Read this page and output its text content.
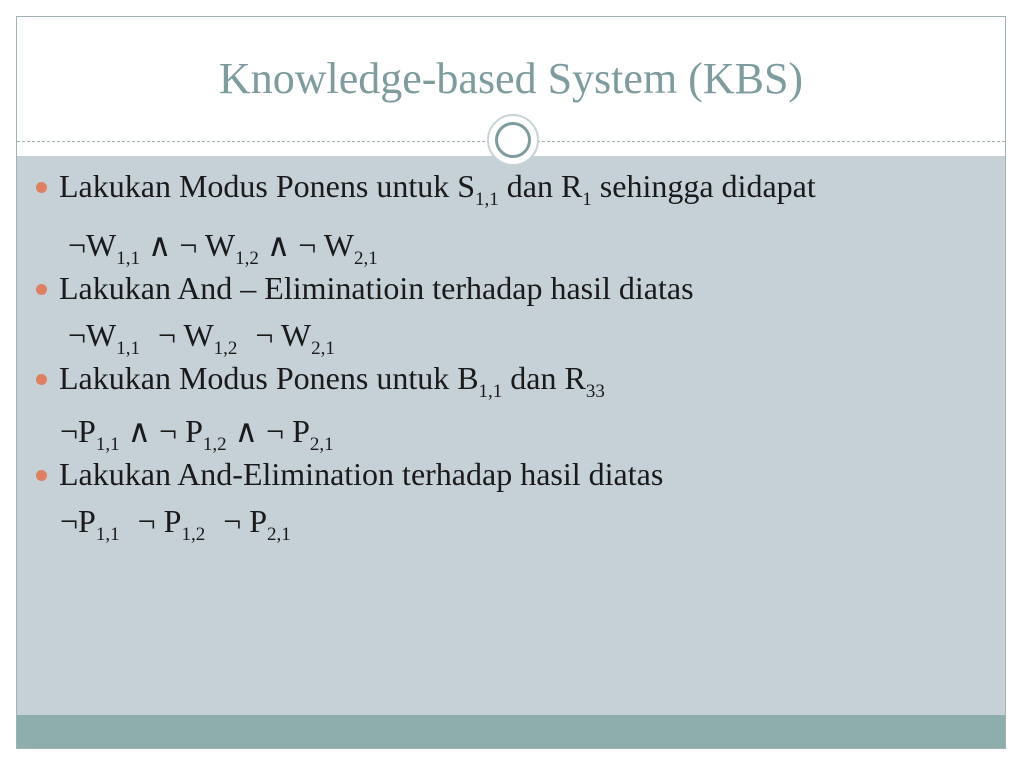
Knowledge-based System (KBS)
Lakukan Modus Ponens untuk $S_{1,1}$ dan $R_1$ sehingga didapat
$\neg W_{1,1}$ ∧ ¬ $W_{1,2}$ ∧ ¬ $W_{2,1}$
Lakukan And – Eliminatioin terhadap hasil diatas
$\neg W_{1,1}$ ¬ $W_{1,2}$ ¬ $W_{2,1}$
Lakukan Modus Ponens untuk $B_{1,1}$ dan $R_{33}$
$\neg P_{1,1}$ ∧ ¬ $P_{1,2}$ ∧ ¬ $P_{2,1}$
Lakukan And-Elimination terhadap hasil diatas
$\neg P_{1,1}$ ¬ $P_{1,2}$ ¬ $P_{2,1}$
